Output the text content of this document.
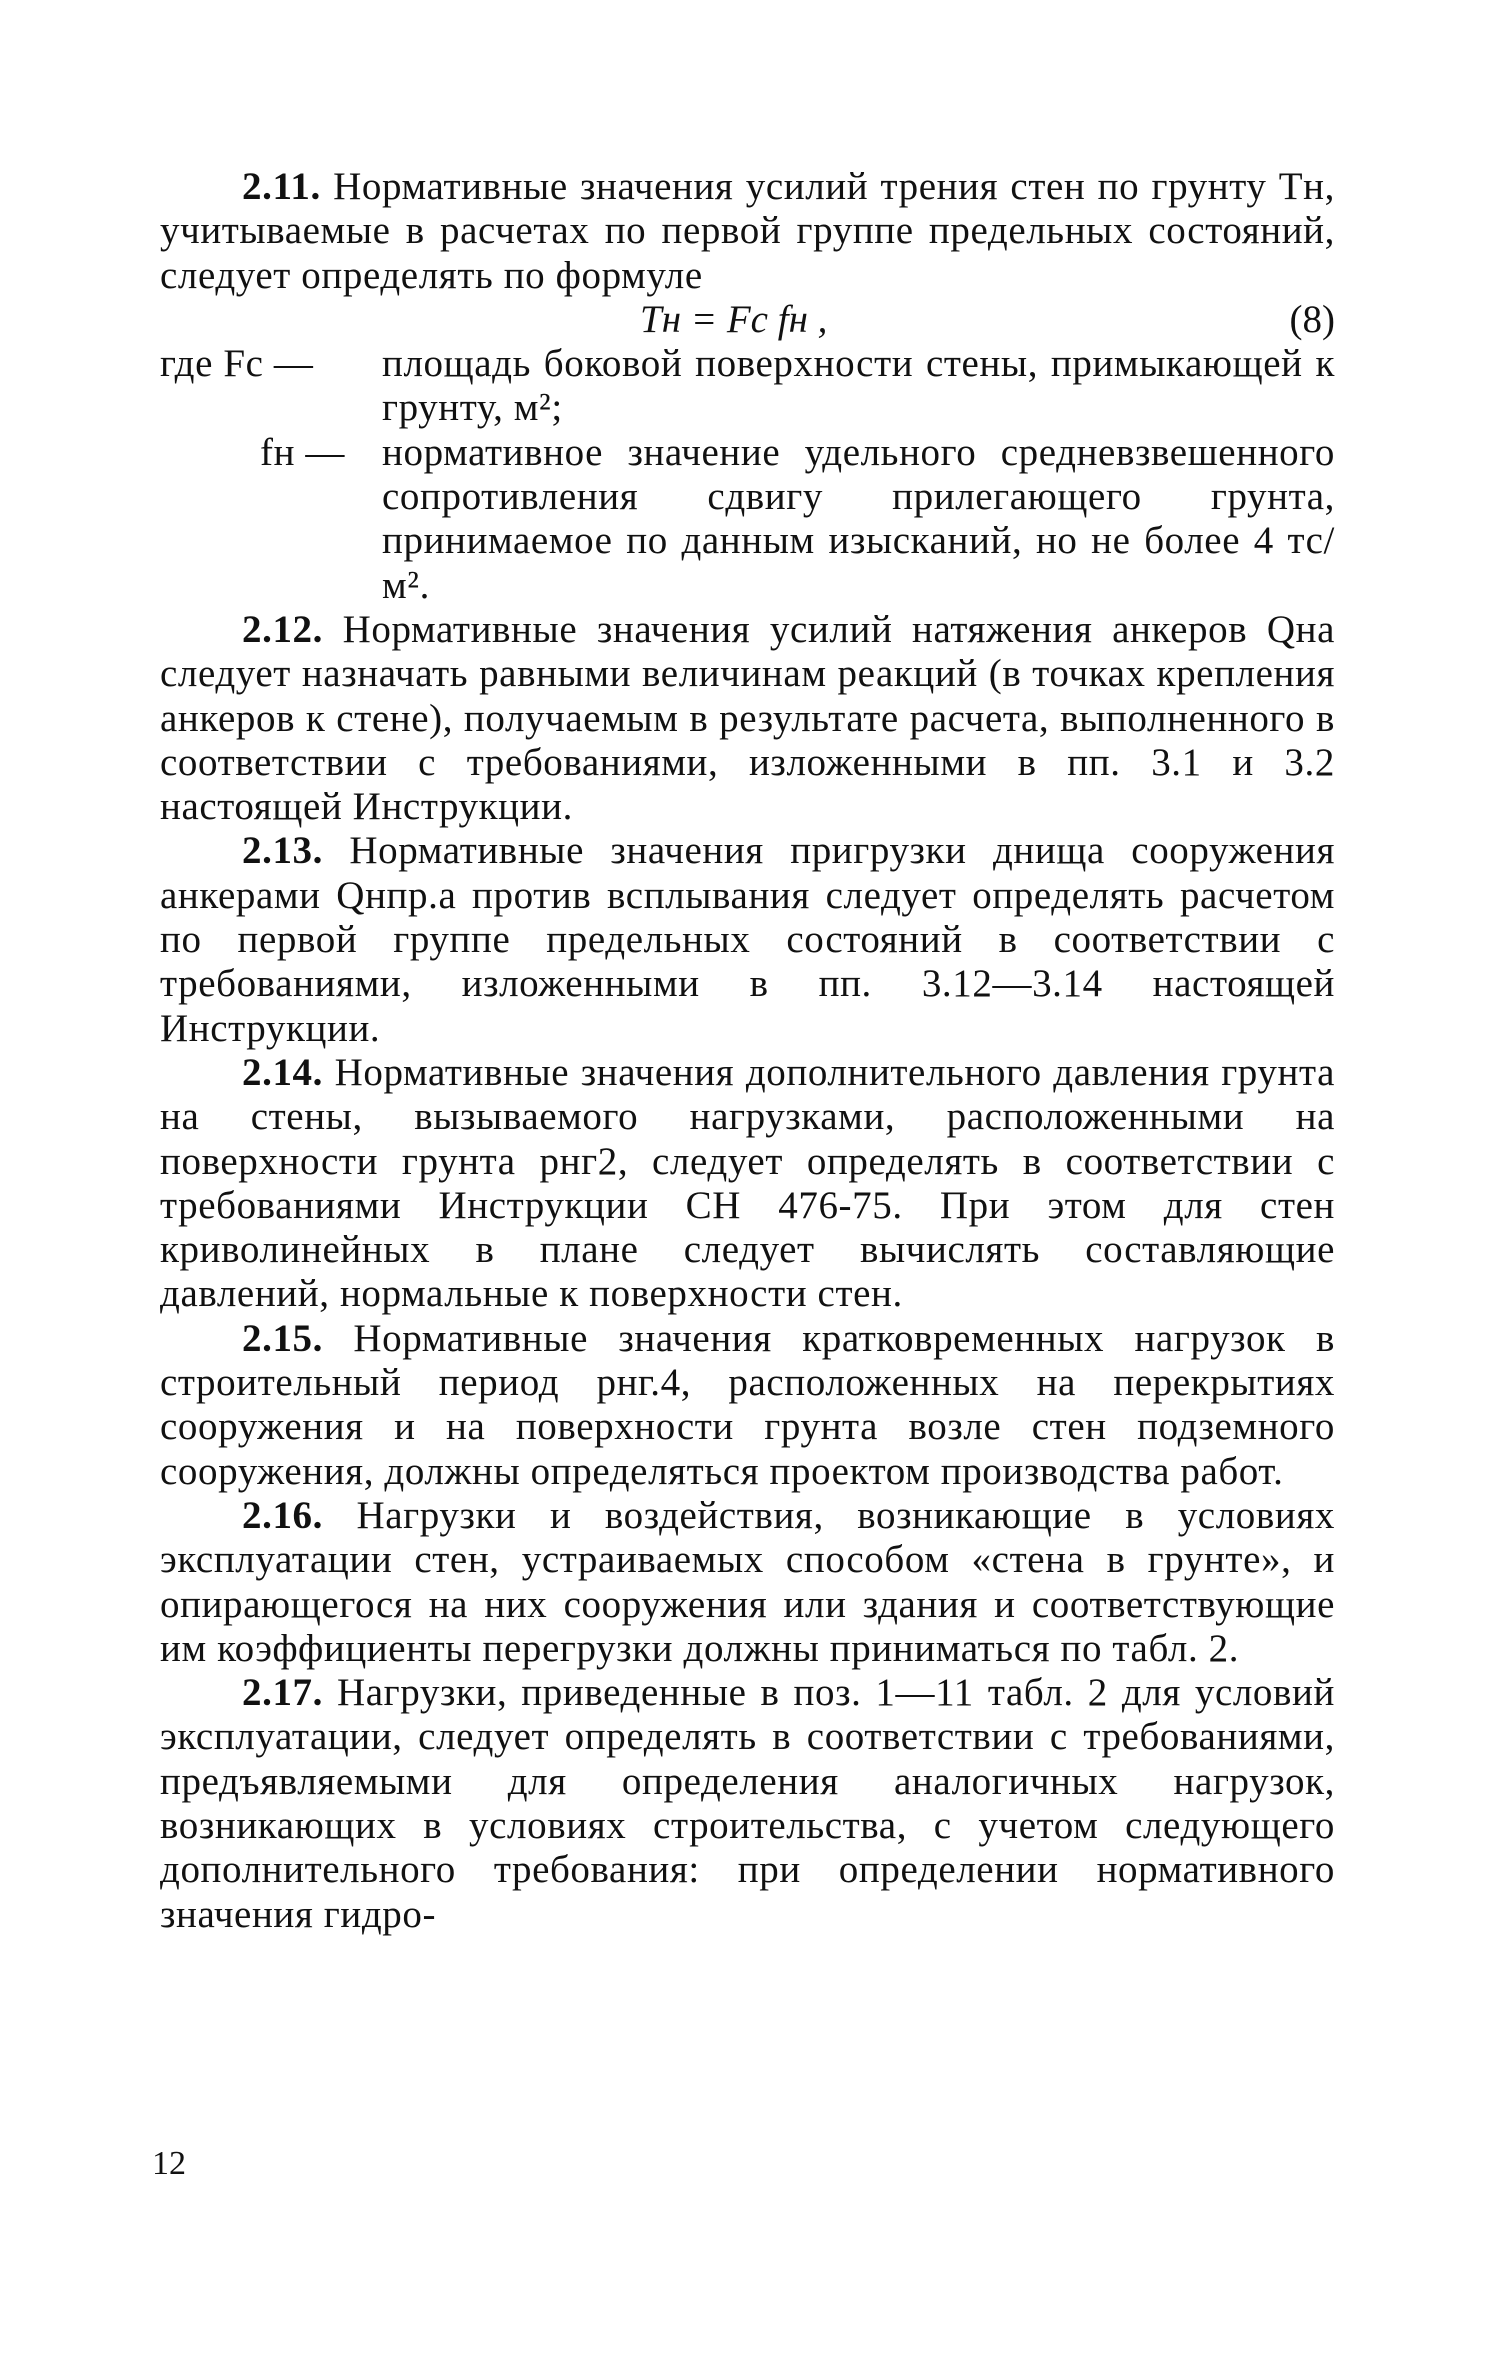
2.11. Нормативные значения усилий трения стен по грунту Tн, учитываемые в расчетах по первой группе предельных состояний, следует определять по формуле

Tн = Fc fн ,	(8)
где Fc —	площадь боковой поверхности стены, примыкающей к грунту, м²;
fн — нормативное значение удельного средневзвешенного сопротивления сдвигу прилегающего грунта, принимаемое по данным изысканий, но не более 4 тс/м².

2.12. Нормативные значения усилий натяжения анкеров Qнa следует назначать равными величинам реакций (в точках крепления анкеров к стене), получаемым в результате расчета, выполненного в соответствии с требованиями, изложенными в пп. 3.1 и 3.2 настоящей Инструкции.

2.13. Нормативные значения пригрузки днища сооружения анкерами Qнпр.а против всплывания следует определять расчетом по первой группе предельных состояний в соответствии с требованиями, изложенными в пп. 3.12—3.14 настоящей Инструкции.

2.14. Нормативные значения дополнительного давления грунта на стены, вызываемого нагрузками, расположенными на поверхности грунта pнг2, следует определять в соответствии с требованиями Инструкции СН 476-75. При этом для стен криволинейных в плане следует вычислять составляющие давлений, нормальные к поверхности стен.

2.15. Нормативные значения кратковременных нагрузок в строительный период pнг.4, расположенных на перекрытиях сооружения и на поверхности грунта возле стен подземного сооружения, должны определяться проектом производства работ.

2.16. Нагрузки и воздействия, возникающие в условиях эксплуатации стен, устраиваемых способом «стена в грунте», и опирающегося на них сооружения или здания и соответствующие им коэффициенты перегрузки должны приниматься по табл. 2.

2.17. Нагрузки, приведенные в поз. 1—11 табл. 2 для условий эксплуатации, следует определять в соответствии с требованиями, предъявляемыми для определения аналогичных нагрузок, возникающих в условиях строительства, с учетом следующего дополнительного требования: при определении нормативного значения гидро-

12
